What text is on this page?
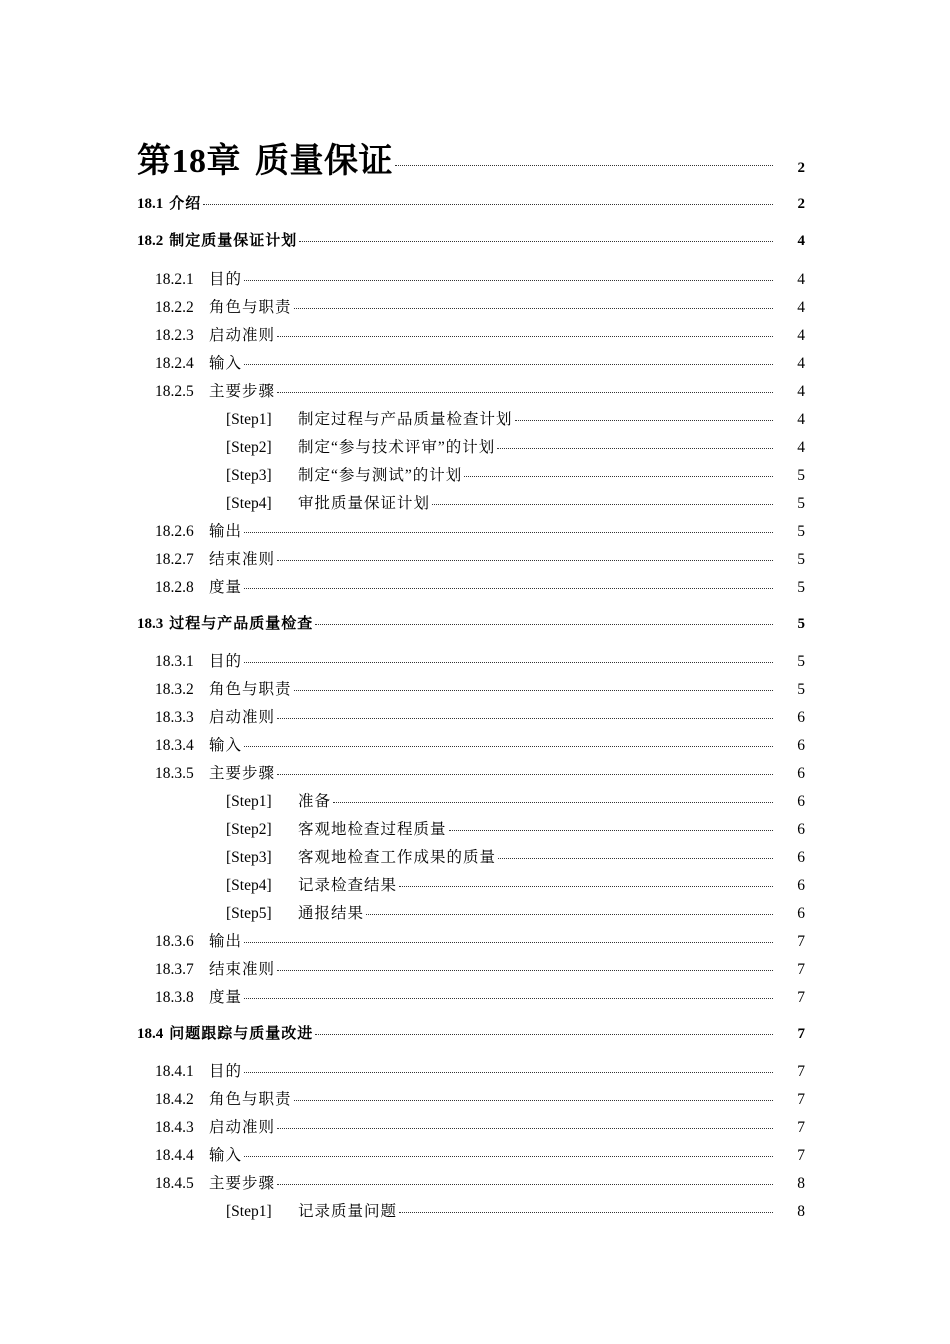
第18章 质量保证	2
18.1 介绍	2
18.2 制定质量保证计划	4
18.2.1 目的	4
18.2.2 角色与职责	4
18.2.3 启动准则	4
18.2.4 输入	4
18.2.5 主要步骤	4
[Step1] 制定过程与产品质量检查计划	4
[Step2] 制定“参与技术评审”的计划	4
[Step3] 制定“参与测试”的计划	5
[Step4] 审批质量保证计划	5
18.2.6 输出	5
18.2.7 结束准则	5
18.2.8 度量	5
18.3 过程与产品质量检查	5
18.3.1 目的	5
18.3.2 角色与职责	5
18.3.3 启动准则	6
18.3.4 输入	6
18.3.5 主要步骤	6
[Step1] 准备	6
[Step2] 客观地检查过程质量	6
[Step3] 客观地检查工作成果的质量	6
[Step4] 记录检查结果	6
[Step5] 通报结果	6
18.3.6 输出	7
18.3.7 结束准则	7
18.3.8 度量	7
18.4 问题跟踪与质量改进	7
18.4.1 目的	7
18.4.2 角色与职责	7
18.4.3 启动准则	7
18.4.4 输入	7
18.4.5 主要步骤	8
[Step1] 记录质量问题	8
